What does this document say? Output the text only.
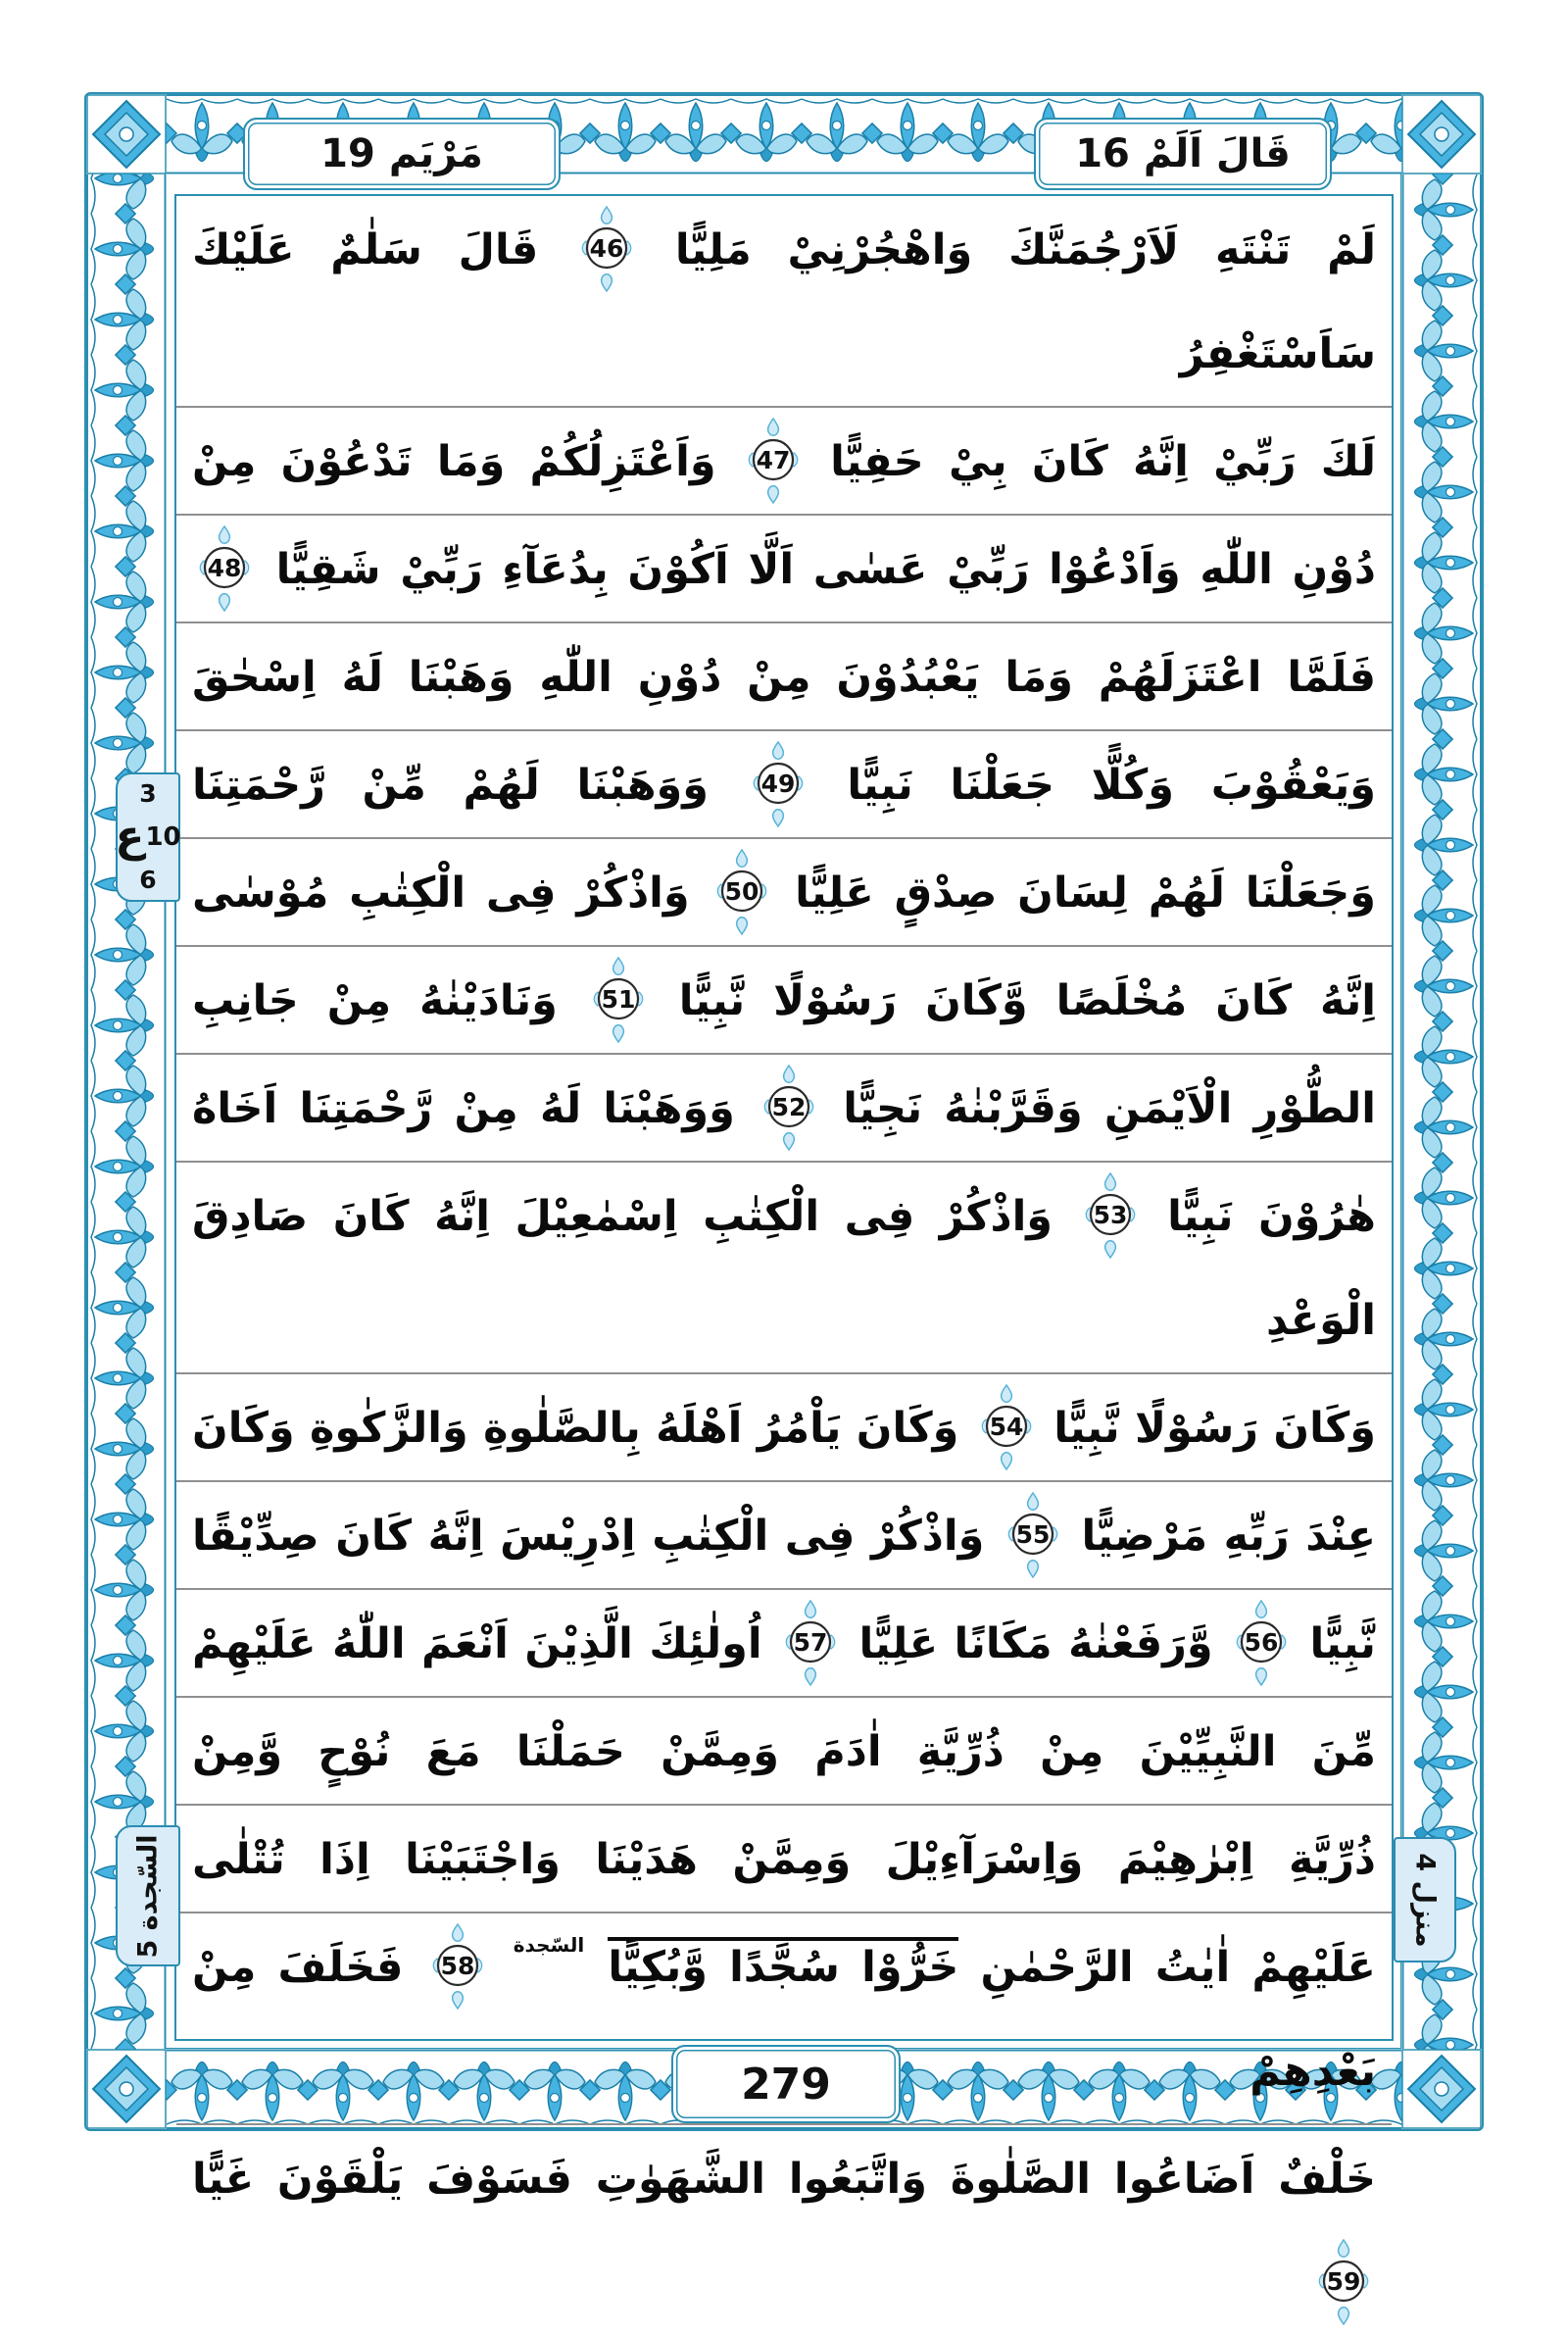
مَرْيَم
19	قَالَ اَلَمْ
16
لَمْ تَنْتَهِ لَاَرْجُمَنَّكَ وَاهْجُرْنِيْ مَلِيًّا
46
قَالَ سَلٰمٌ عَلَيْكَ سَاَسْتَغْفِرُ
لَكَ رَبِّيْ اِنَّهُ كَانَ بِيْ حَفِيًّا
47
وَاَعْتَزِلُكُمْ وَمَا تَدْعُوْنَ مِنْ
دُوْنِ اللّٰهِ وَاَدْعُوْا رَبِّيْ عَسٰى اَلَّا اَكُوْنَ بِدُعَآءِ رَبِّيْ شَقِيًّا
48
فَلَمَّا اعْتَزَلَهُمْ وَمَا يَعْبُدُوْنَ مِنْ دُوْنِ اللّٰهِ وَهَبْنَا لَهُ اِسْحٰقَ
وَيَعْقُوْبَ وَكُلًّا جَعَلْنَا نَبِيًّا
49
وَوَهَبْنَا لَهُمْ مِّنْ رَّحْمَتِنَا
وَجَعَلْنَا لَهُمْ لِسَانَ صِدْقٍ عَلِيًّا
50
وَاذْكُرْ فِى الْكِتٰبِ مُوْسٰى
اِنَّهُ كَانَ مُخْلَصًا وَّكَانَ رَسُوْلًا نَّبِيًّا
51
وَنَادَيْنٰهُ مِنْ جَانِبِ
الطُّوْرِ الْاَيْمَنِ وَقَرَّبْنٰهُ نَجِيًّا
52
وَوَهَبْنَا لَهُ مِنْ رَّحْمَتِنَا اَخَاهُ
هٰرُوْنَ نَبِيًّا
53
وَاذْكُرْ فِى الْكِتٰبِ اِسْمٰعِيْلَ اِنَّهُ كَانَ صَادِقَ الْوَعْدِ
وَكَانَ رَسُوْلًا نَّبِيًّا
54
وَكَانَ يَاْمُرُ اَهْلَهُ بِالصَّلٰوةِ وَالزَّكٰوةِ وَكَانَ
عِنْدَ رَبِّهِ مَرْضِيًّا
55
وَاذْكُرْ فِى الْكِتٰبِ اِدْرِيْسَ اِنَّهُ كَانَ صِدِّيْقًا
نَّبِيًّا
56
وَّرَفَعْنٰهُ مَكَانًا عَلِيًّا
57
اُولٰئِكَ الَّذِيْنَ اَنْعَمَ اللّٰهُ عَلَيْهِمْ
مِّنَ النَّبِيِّيْنَ مِنْ ذُرِّيَّةِ اٰدَمَ وَمِمَّنْ حَمَلْنَا مَعَ نُوْحٍ وَّمِنْ
ذُرِّيَّةِ اِبْرٰهِيْمَ وَاِسْرَآءِيْلَ وَمِمَّنْ هَدَيْنَا وَاجْتَبَيْنَا اِذَا تُتْلٰى
عَلَيْهِمْ اٰيٰتُ الرَّحْمٰنِ خَرُّوْا سُجَّدًا وَّبُكِيًّا السّجدة
58
فَخَلَفَ مِنْ بَعْدِهِمْ
خَلْفٌ اَضَاعُوا الصَّلٰوةَ وَاتَّبَعُوا الشَّهَوٰتِ فَسَوْفَ يَلْقَوْنَ غَيًّا
59
3
ع 10
6
السّجدة 5	منزل 4
279
